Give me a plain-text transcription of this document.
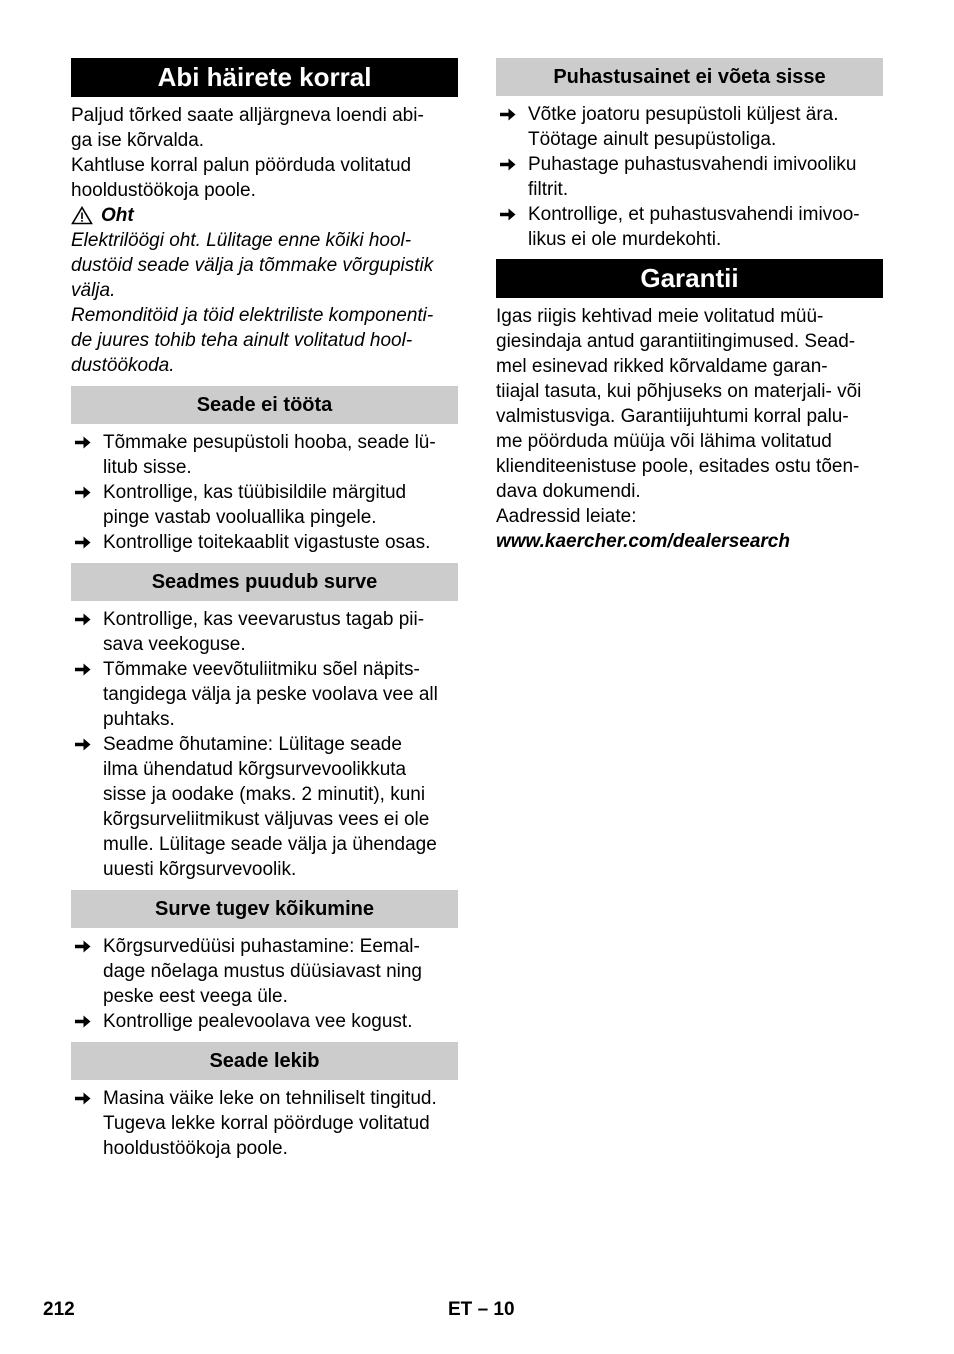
Abi häirete korral

Paljud tõrked saate alljärgneva loendi abi-

ga ise kõrvalda.

Kahtluse korral palun pöörduda volitatud

hooldustöökoja poole.

Oht

Elektrilöögi oht. Lülitage enne kõiki hool-

dustöid seade välja ja tõmmake võrgupistik

välja.

Remonditöid ja töid elektriliste komponenti-

de juures tohib teha ainult volitatud hool-

dustöökoda.

Seade ei tööta
Tõmmake pesupüstoli hooba, seade lü-
litub sisse.
Kontrollige, kas tüübisildile märgitud
pinge vastab vooluallika pingele.
Kontrollige toitekaablit vigastuste osas.
Seadmes puudub surve
Kontrollige, kas veevarustus tagab pii-
sava veekoguse.
Tõmmake veevõtuliitmiku sõel näpits-
tangidega välja ja peske voolava vee all
puhtaks.
Seadme õhutamine: Lülitage seade
ilma ühendatud kõrgsurvevoolikkuta
sisse ja oodake (maks. 2 minutit), kuni
kõrgsurveliitmikust väljuvas vees ei ole
mulle. Lülitage seade välja ja ühendage
uuesti kõrgsurvevoolik.
Surve tugev kõikumine
Kõrgsurvedüüsi puhastamine: Eemal-
dage nõelaga mustus düüsiavast ning
peske eest veega üle.
Kontrollige pealevoolava vee kogust.
Seade lekib
Masina väike leke on tehniliselt tingitud.
Tugeva lekke korral pöörduge volitatud
hooldustöökoja poole.
Puhastusainet ei võeta sisse
Võtke joatoru pesupüstoli küljest ära.
Töötage ainult pesupüstoliga.
Puhastage puhastusvahendi imivooliku
filtrit.
Kontrollige, et puhastusvahendi imivoo-
likus ei ole murdekohti.
Garantii

Igas riigis kehtivad meie volitatud müü-

giesindaja antud garantiitingimused. Sead-

mel esinevad rikked kõrvaldame garan-

tiiajal tasuta, kui põhjuseks on materjali- või

valmistusviga. Garantiijuhtumi korral palu-

me pöörduda müüja või lähima volitatud

klienditeenistuse poole, esitades ostu tõen-

dava dokumendi.

Aadressid leiate:

www.kaercher.com/dealersearch

212	ET – 10
